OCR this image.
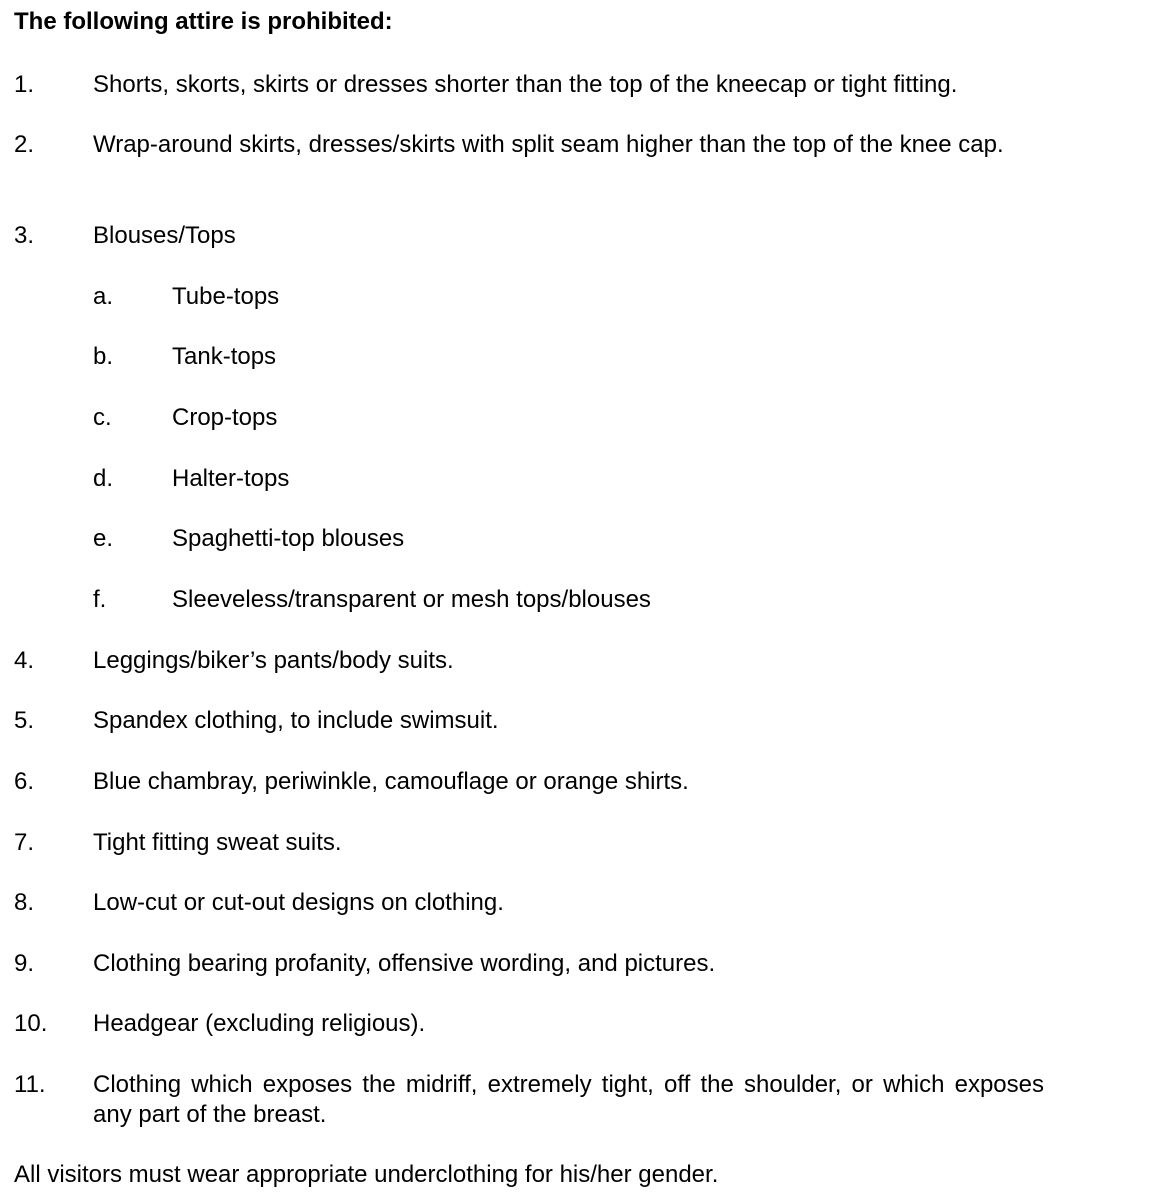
The following attire is prohibited:
1. Shorts, skorts, skirts or dresses shorter than the top of the kneecap or tight fitting.
2. Wrap-around skirts, dresses/skirts with split seam higher than the top of the knee cap.
3. Blouses/Tops
a. Tube-tops
b. Tank-tops
c.	Crop-tops
d. Halter-tops
e. Spaghetti-top blouses
f.	Sleeveless/transparent or mesh tops/blouses
4. Leggings/biker’s pants/body suits.
5. Spandex clothing, to include swimsuit.
6. Blue chambray, periwinkle, camouflage or orange shirts.
7. Tight fitting sweat suits.
8. Low-cut or cut-out designs on clothing.
9. Clothing bearing profanity, offensive wording, and pictures.
10. Headgear (excluding religious).
11. Clothing which exposes the midriff, extremely tight, off the shoulder, or which exposes any part of the breast.
All visitors must wear appropriate underclothing for his/her gender.
